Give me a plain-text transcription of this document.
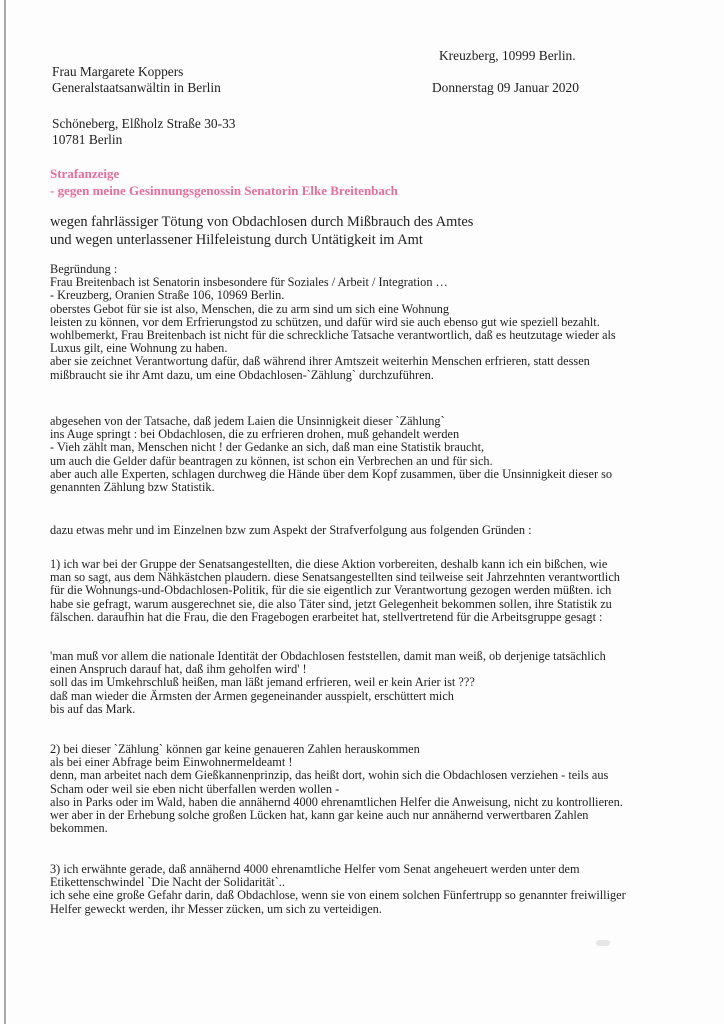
Kreuzberg, 10999 Berlin.
Frau Margarete Koppers
Donnerstag 09 Januar 2020
Generalstaatsanwältin in Berlin
Schöneberg, Elßholz Straße 30-33
10781 Berlin
Strafanzeige
- gegen meine Gesinnungsgenossin Senatorin Elke Breitenbach
wegen fahrlässiger Tötung von Obdachlosen durch Mißbrauch des Amtes
und wegen unterlassener Hilfeleistung durch Untätigkeit im Amt
Begründung :
Frau Breitenbach ist Senatorin insbesondere für Soziales / Arbeit / Integration …
- Kreuzberg, Oranien Straße 106, 10969 Berlin.
oberstes Gebot für sie ist also, Menschen, die zu arm sind um sich eine Wohnung
leisten zu können, vor dem Erfrierungstod zu schützen, und dafür wird sie auch ebenso gut wie speziell bezahlt.
wohlbemerkt, Frau Breitenbach ist nicht für die schreckliche Tatsache verantwortlich, daß es heutzutage wieder als
Luxus gilt, eine Wohnung zu haben.
aber sie zeichnet Verantwortung dafür, daß während ihrer Amtszeit weiterhin Menschen erfrieren, statt dessen
mißbraucht sie ihr Amt dazu, um eine Obdachlosen-`Zählung` durchzuführen.
abgesehen von der Tatsache, daß jedem Laien die Unsinnigkeit dieser `Zählung`
ins Auge springt : bei Obdachlosen, die zu erfrieren drohen, muß gehandelt werden
- Vieh zählt man, Menschen nicht ! der Gedanke an sich, daß man eine Statistik braucht,
um auch die Gelder dafür beantragen zu können, ist schon ein Verbrechen an und für sich.
aber auch alle Experten, schlagen durchweg die Hände über dem Kopf zusammen, über die Unsinnigkeit dieser so
genannten Zählung bzw Statistik.
dazu etwas mehr und im Einzelnen bzw zum Aspekt der Strafverfolgung aus folgenden Gründen :
1) ich war bei der Gruppe der Senatsangestellten, die diese Aktion vorbereiten, deshalb kann ich ein bißchen, wie
man so sagt, aus dem Nähkästchen plaudern. diese Senatsangestellten sind teilweise seit Jahrzehnten verantwortlich
für die Wohnungs-und-Obdachlosen-Politik, für die sie eigentlich zur Verantwortung gezogen werden müßten. ich
habe sie gefragt, warum ausgerechnet sie, die also Täter sind, jetzt Gelegenheit bekommen sollen, ihre Statistik zu
fälschen. daraufhin hat die Frau, die den Fragebogen erarbeitet hat, stellvertretend für die Arbeitsgruppe gesagt :
'man muß vor allem die nationale Identität der Obdachlosen feststellen, damit man weiß, ob derjenige tatsächlich
einen Anspruch darauf hat, daß ihm geholfen wird' !
soll das im Umkehrschluß heißen, man läßt jemand erfrieren, weil er kein Arier ist ???
daß man wieder die Ärmsten der Armen gegeneinander ausspielt, erschüttert mich
bis auf das Mark.
2) bei dieser `Zählung` können gar keine genaueren Zahlen herauskommen
als bei einer Abfrage beim Einwohnermeldeamt !
denn, man arbeitet nach dem Gießkannenprinzip, das heißt dort, wohin sich die Obdachlosen verziehen - teils aus
Scham oder weil sie eben nicht überfallen werden wollen -
also in Parks oder im Wald, haben die annähernd 4000 ehrenamtlichen Helfer die Anweisung, nicht zu kontrollieren.
wer aber in der Erhebung solche großen Lücken hat, kann gar keine auch nur annähernd verwertbaren Zahlen
bekommen.
3) ich erwähnte gerade, daß annähernd 4000 ehrenamtliche Helfer vom Senat angeheuert werden unter dem
Etikettenschwindel `Die Nacht der Solidarität`..
ich sehe eine große Gefahr darin, daß Obdachlose, wenn sie von einem solchen Fünfertrupp so genannter freiwilliger
Helfer geweckt werden, ihr Messer zücken, um sich zu verteidigen.
